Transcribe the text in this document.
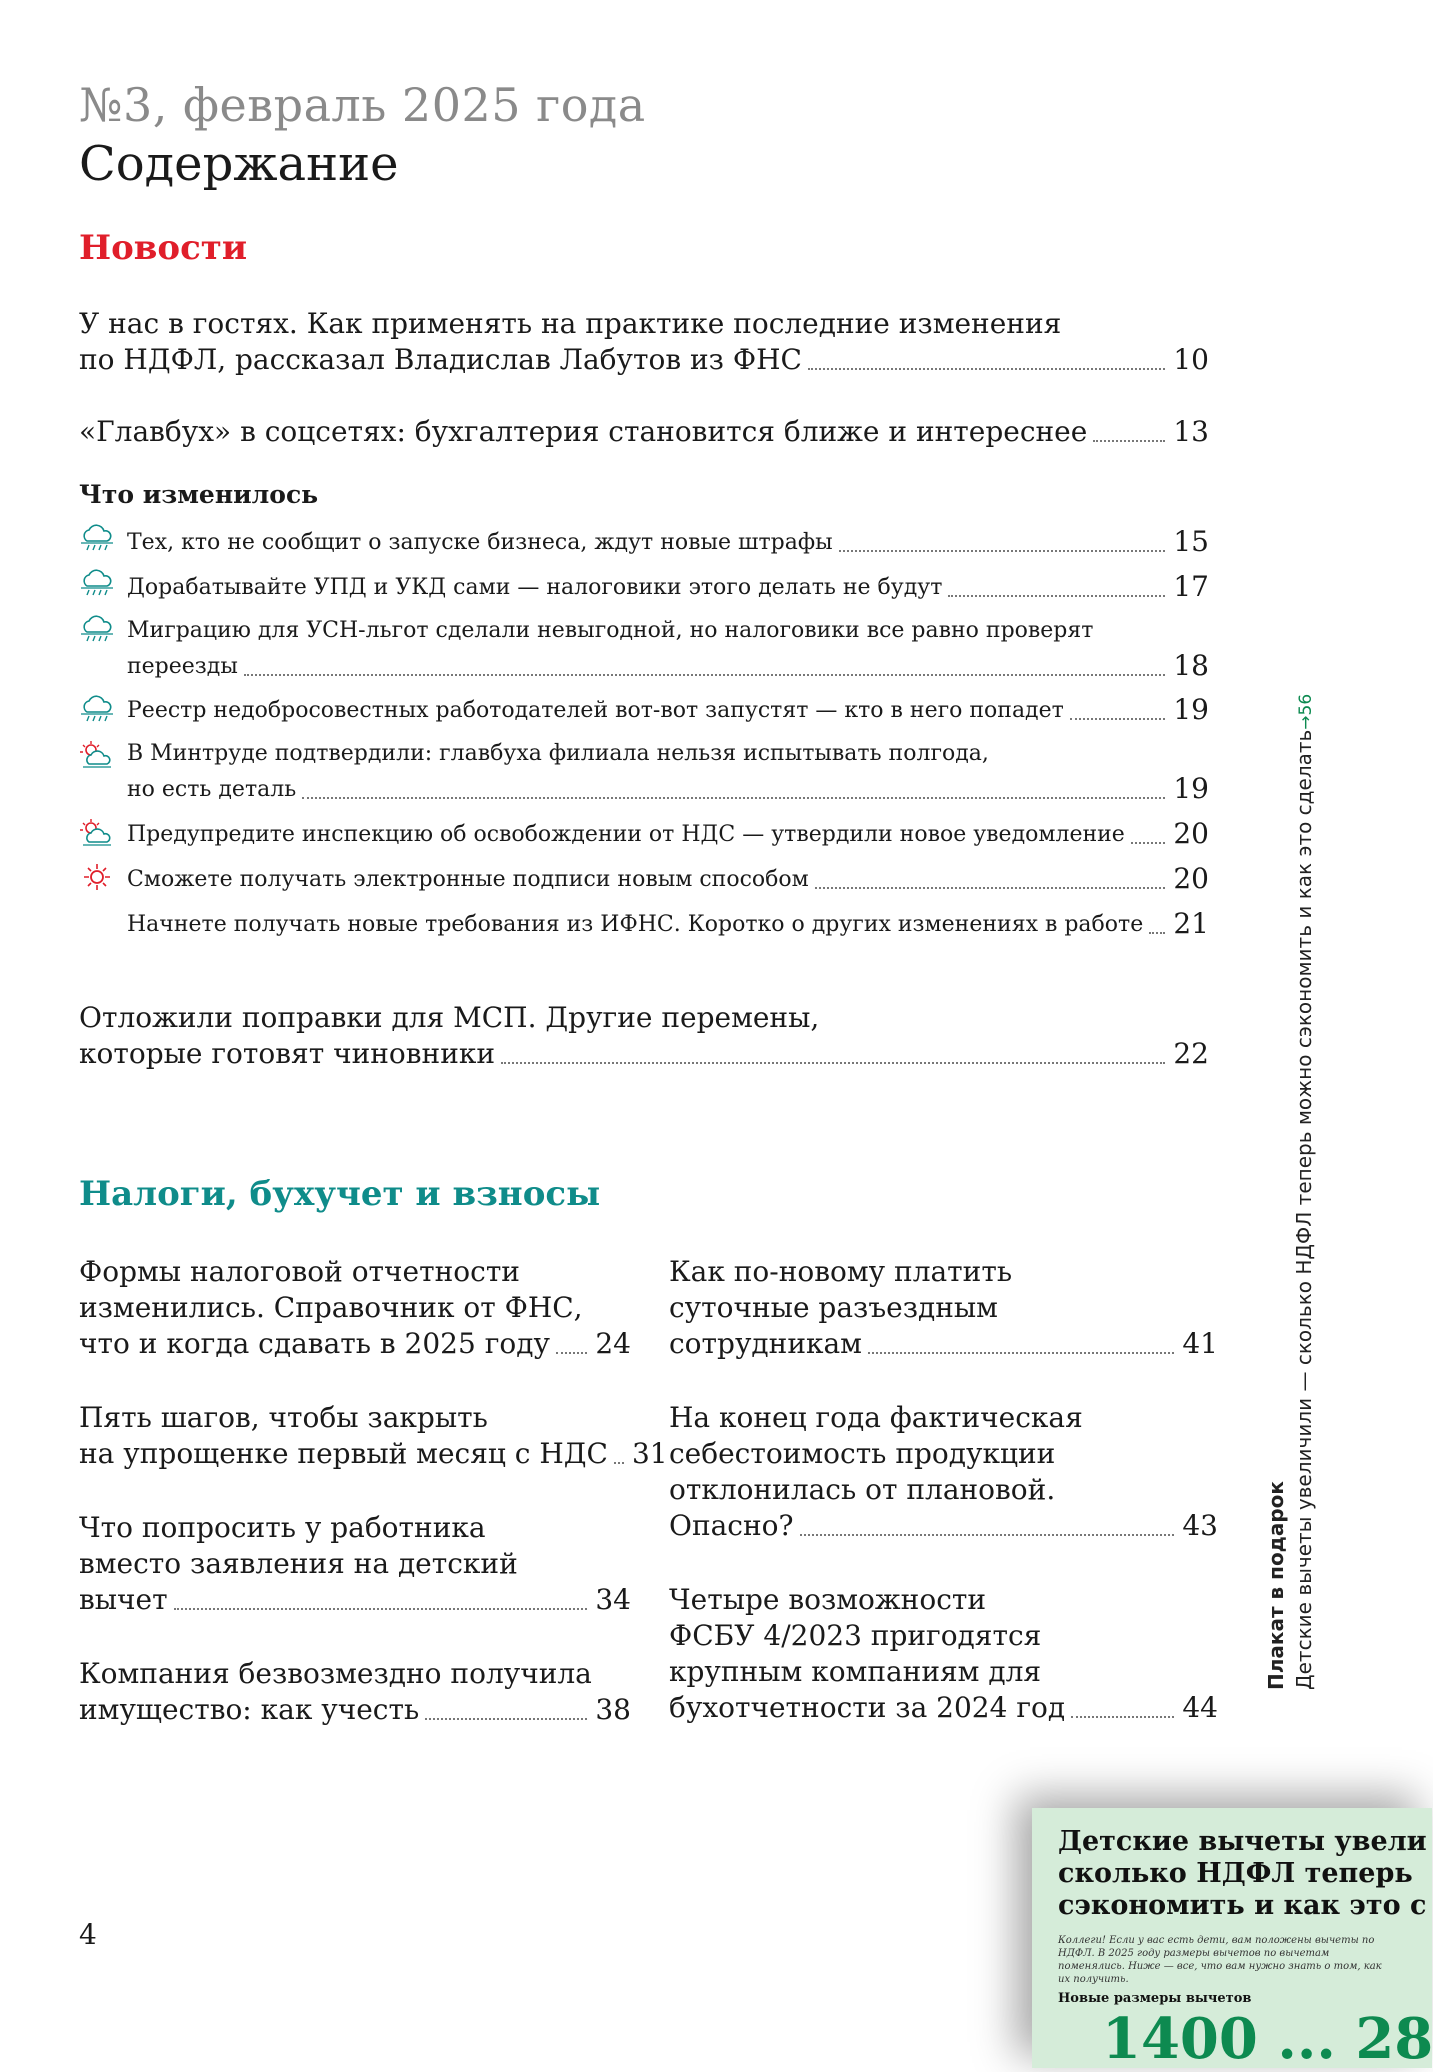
№3, февраль 2025 года
Содержание
Новости
У нас в гостях. Как применять на практике последние изменения
по НДФЛ, рассказал Владислав Лабутов из ФНС	10
«Главбух» в соцсетях: бухгалтерия становится ближе и интереснее	13
Что изменилось
Тех, кто не сообщит о запуске бизнеса, ждут новые штрафы	15
Дорабатывайте УПД и УКД сами — налоговики этого делать не будут	17
Миграцию для УСН-льгот сделали невыгодной, но налоговики все равно проверят
переезды	18
Реестр недобросовестных работодателей вот-вот запустят — кто в него попадет	19
В Минтруде подтвердили: главбуха филиала нельзя испытывать полгода,
но есть деталь	19
Предупредите инспекцию об освобождении от НДС — утвердили новое уведомление 20
Сможете получать электронные подписи новым способом	20
Начнете получать новые требования из ИФНС. Коротко о других изменениях в работе 21
Отложили поправки для МСП. Другие перемены,
которые готовят чиновники	22
Налоги, бухучет и взносы
Формы налоговой отчетности
изменились. Справочник от ФНС,
что и когда сдавать в 2025 году 24
Пять шагов, чтобы закрыть
на упрощенке первый месяц с НДС 31
Что попросить у работника
вместо заявления на детский
вычет	34
Компания безвозмездно получила
имущество: как учесть	38
Как по-новому платить
суточные разъездным
сотрудникам	41
На конец года фактическая
себестоимость продукции
отклонилась от плановой.
Опасно?	43
Четыре возможности
ФСБУ 4/2023 пригодятся
крупным компаниям для
бухотчетности за 2024 год	44
Плакат в подарок Детские вычеты увеличили — сколько НДФЛ теперь можно сэкономить и как это сделать→56
4
Детские вычеты увели
сколько НДФЛ теперь
сэкономить и как это с
Коллеги! Если у вас есть дети, вам положены вычеты по НДФЛ. В 2025 году размеры вычетов по вычетам поменялись. Ниже — все, что вам нужно знать о том, как их получить.
Новые размеры вычетов
1400 ... 28
